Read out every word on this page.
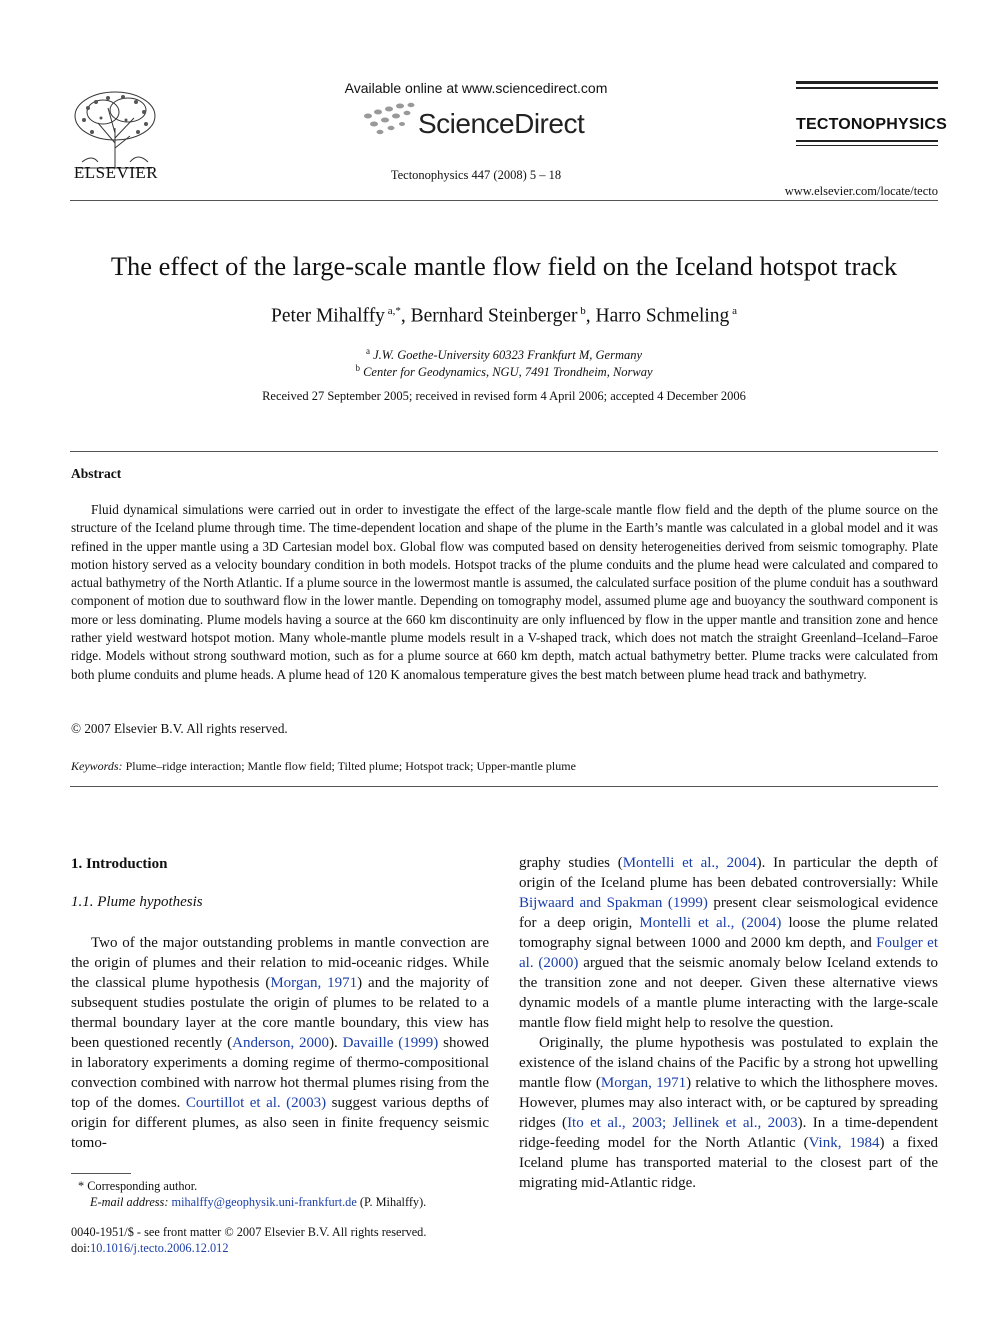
ELSEVIER
Available online at www.sciencedirect.com
ScienceDirect
Tectonophysics 447 (2008) 5 – 18
TECTONOPHYSICS
www.elsevier.com/locate/tecto
The effect of the large-scale mantle flow field on the Iceland hotspot track
Peter Mihalffy $^{a,*}$, Bernhard Steinberger $^b$, Harro Schmeling $^a$
$^a$ J.W. Goethe-University 60323 Frankfurt M, Germany
$^b$ Center for Geodynamics, NGU, 7491 Trondheim, Norway
Received 27 September 2005; received in revised form 4 April 2006; accepted 4 December 2006
Abstract

Fluid dynamical simulations were carried out in order to investigate the effect of the large-scale mantle flow field and the depth of the plume source on the structure of the Iceland plume through time. The time-dependent location and shape of the plume in the Earth’s mantle was calculated in a global model and it was refined in the upper mantle using a 3D Cartesian model box. Global flow was computed based on density heterogeneities derived from seismic tomography. Plate motion history served as a velocity boundary condition in both models. Hotspot tracks of the plume conduits and the plume head were calculated and compared to actual bathymetry of the North Atlantic. If a plume source in the lowermost mantle is assumed, the calculated surface position of the plume conduit has a southward component of motion due to southward flow in the lower mantle. Depending on tomography model, assumed plume age and buoyancy the southward component is more or less dominating. Plume models having a source at the 660 km discontinuity are only influenced by flow in the upper mantle and transition zone and hence rather yield westward hotspot motion. Many whole-mantle plume models result in a V-shaped track, which does not match the straight Greenland–Iceland–Faroe ridge. Models without strong southward motion, such as for a plume source at 660 km depth, match actual bathymetry better. Plume tracks were calculated from both plume conduits and plume heads. A plume head of 120 K anomalous temperature gives the best match between plume head track and bathymetry.

© 2007 Elsevier B.V. All rights reserved.
Keywords: Plume–ridge interaction; Mantle flow field; Tilted plume; Hotspot track; Upper-mantle plume
1. Introduction
1.1. Plume hypothesis

Two of the major outstanding problems in mantle convection are the origin of plumes and their relation to mid-oceanic ridges. While the classical plume hypothesis (Morgan, 1971) and the majority of subsequent studies postulate the origin of plumes to be related to a thermal boundary layer at the core mantle boundary, this view has been questioned recently (Anderson, 2000). Davaille (1999) showed in laboratory experiments a doming regime of thermo-compositional convection combined with narrow hot thermal plumes rising from the top of the domes. Courtillot et al. (2003) suggest various depths of origin for different plumes, as also seen in finite frequency seismic tomo-

graphy studies (Montelli et al., 2004). In particular the depth of origin of the Iceland plume has been debated controversially: While Bijwaard and Spakman (1999) present clear seismological evidence for a deep origin, Montelli et al., (2004) loose the plume related tomography signal between 1000 and 2000 km depth, and Foulger et al. (2000) argued that the seismic anomaly below Iceland extends to the transition zone and not deeper. Given these alternative views dynamic models of a mantle plume interacting with the large-scale mantle flow field might help to resolve the question.

Originally, the plume hypothesis was postulated to explain the existence of the island chains of the Pacific by a strong hot upwelling mantle flow (Morgan, 1971) relative to which the lithosphere moves. However, plumes may also interact with, or be captured by spreading ridges (Ito et al., 2003; Jellinek et al., 2003). In a time-dependent ridge-feeding model for the North Atlantic (Vink, 1984) a fixed Iceland plume has transported material to the closest part of the migrating mid-Atlantic ridge.

* Corresponding author.
E-mail address: mihalffy@geophysik.uni-frankfurt.de (P. Mihalffy).
0040-1951/$ - see front matter © 2007 Elsevier B.V. All rights reserved.
doi:10.1016/j.tecto.2006.12.012
